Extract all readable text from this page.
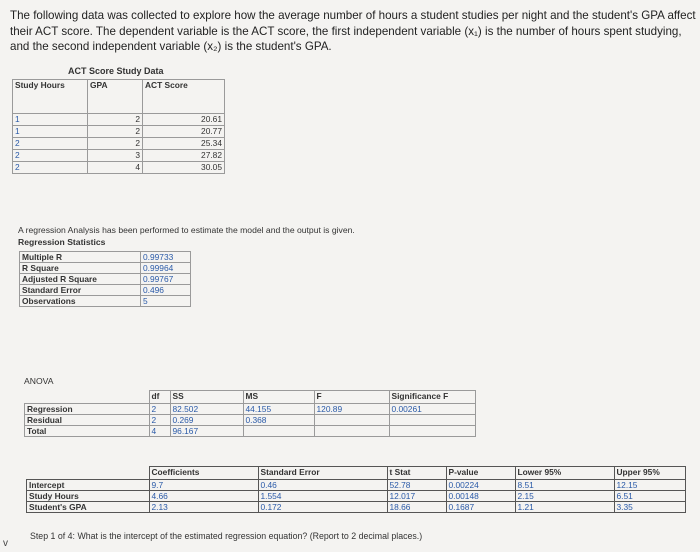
The following data was collected to explore how the average number of hours a student studies per night and the student's GPA affect their ACT score. The dependent variable is the ACT score, the first independent variable (x₁) is the number of hours spent studying, and the second independent variable (x₂) is the student's GPA.
ACT Score Study Data
Study Hours	GPA	ACT Score
1	2	20.61
1	2	20.77
2	2	25.34
2	3	27.82
2	4	30.05
A regression Analysis has been performed to estimate the model and the output is given.
Regression Statistics
Multiple R	0.99733
R Square	0.99964
Adjusted R Square	0.99767
Standard Error	0.496
Observations	5
ANOVA
	df	SS	MS	F	Significance F
Regression	2	82.502	44.155	120.89	0.00261
Residual	2	0.269	0.368		
Total	4	96.167			
	Coefficients	Standard Error	t Stat	P-value	Lower 95%	Upper 95%
Intercept	9.7	0.46	52.78	0.00224	8.51	12.15
Study Hours	4.66	1.554	12.017	0.00148	2.15	6.51
Student's GPA	2.13	0.172	18.66	0.1687	1.21	3.35
Step 1 of 4: What is the intercept of the estimated regression equation? (Report to 2 decimal places.)
v
